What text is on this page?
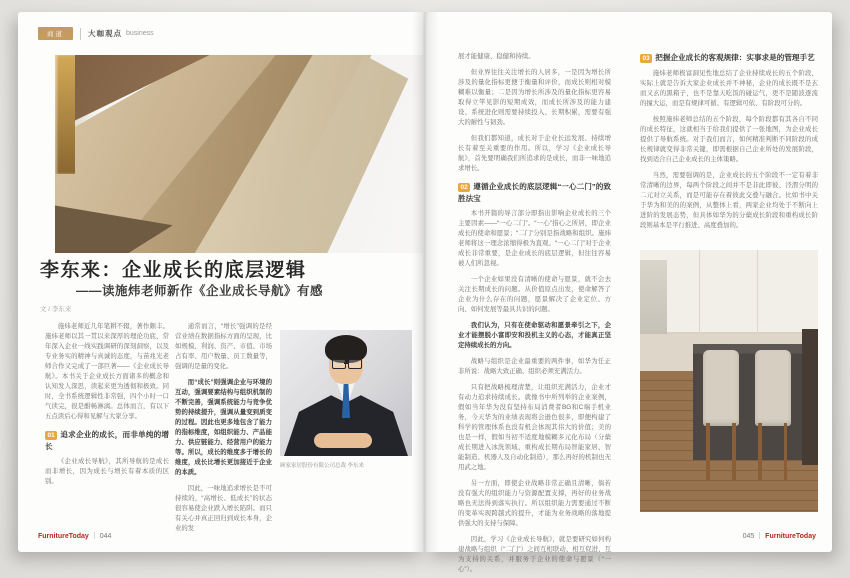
商道	大咖观点 business
李东来：企业成长的底层逻辑
——读施炜老师新作《企业成长导航》有感
文 / 李东来

施炜老师近几年笔耕不辍，著作颇丰。施炜老师以其一贯以来深厚的理论功底、常年深入企业一线实践调研的深刻洞察，以及专业务实的精神与真诚的态度，与苗兆光老师合作又完成了一部巨著——《企业成长导航》。本书关于企业成长方面诸多的概念和认知发人深思，读起来更为透彻和极致。同时，全书系统逻辑性非常强，四个小时一口气读完，很是酣畅淋漓。总体而言，有以下五点读后心得和见解与大家分享。

01 追求企业的成长，而非单纯的增长

《企业成长导航》，其所导航的是成长而非增长，因为成长与增长有着本质的区别。

通常而言，“增长”强调的是经营业绩在数据指标方面的呈现，比如规模、利润、资产、市值、市场占有率、用户数量、员工数量等，强调的是量的变化。

而“成长”则强调企业与环境的互动，强调要素结构与组织机制的不断完善，强调系统能力与竞争优势的持续提升，强调从量变到质变的过程。因此也更多地包含了能力的指标维度，如组织能力、产品能力、供应链能力、经营用户的能力等。所以，成长的维度多于增长的维度，成长比增长更加接近于企业的本质。

因此，一味地追求增长是不可持续的，“高增长、低成长”的状态很容易使企业跌入增长陷阱。而只有关心并真正回归到成长本身，企业的发

顾家家居股份有限公司总裁 李东来
FurnitureToday ｜ 044

展才能健康、稳健和持续。

但业界往往关注增长的人居多，一是因为增长所涉及的量化指标更便于衡量和评价，而成长则相对模糊难以衡量；二是因为增长所涉及的量化指标更容易取得立竿见影的短期成效，而成长所涉及的能力建设、系统进化则需要持续投入、长期积累，需要有强大的耐性与韧劲。

但我们都知道，成长对于企业长远发展、持续增长有着至关重要的作用。所以，学习《企业成长导航》，首先要明确我们所追求的是成长，而非一味地追求增长。

02 遵循企业成长的底层逻辑“一心二门”的致胜法宝

本书开篇的导言部分即指出影响企业成长的三个主要因素——“一心二门”。“一心”指心之所居，即企业成长的使命和愿景；“二门”分别是指战略和组织。施炜老师将这一理念浓缩得极为直观。“一心二门”对于企业成长非常重要，是企业成长的底层逻辑，但往往容易被人们所忽视。

一个企业如果没有清晰的使命与愿景，就不会去关注长期成长的问题。从价值原点出发，使命解答了企业为什么存在的问题，愿景解决了企业定位、方向、如何发展等最具共识的问题。

我们认为，只有在使命驱动和愿景牵引之下，企业才能摆脱小富即安和投机主义的心态，才能真正坚定持续成长的方向。

战略与组织是企业最重要的两件事，如华为任正非所说：战略大致正确、组织必须充满活力。

只有把战略梳理清楚，让组织充满活力，企业才有动力追求持续成长。就像书中所列举的企业案例，假如当年华为没有坚持布局消费者BG和C端手机业务，今天华为的业绩表现将会逊色很多，即便构建了科学的管理体系也没有机会体现其伟大的价值；美的也是一样，假如当初不适度地模糊多元化布局（分蘖成长期进入冰洗领域、重构成长期布局智能家居、智能制造、机器人及自动化制造），那么再好的机制也无用武之地。

另一方面，即使企业战略非常正确且清晰，倘若没有强大的组织能力与资源配置支撑，再好的业务战略也无法得到落实执行。所以组织能力需要通过不断的变革实现跨越式的提升，才能为业务战略的落地提供强大的支持与保障。

因此，学习《企业成长导航》，就是要研究如何构建战略与组织（“二门”）之间互相联动、相互促进、互为支持的关系，并服务于企业的使命与愿景（“一心”）。

03 把握企业成长的客观规律：实事求是的管理手艺

施炜老师极富洞见性地总结了企业持续成长的五个阶段，实际上就是告诉大家企业成长并不神秘，企业的成长既不是玄而又玄的黑箱子，也不是靠天吃饭的碰运气，更不是随波逐流的撞大运，而是有规律可循、有逻辑可依、有阶段可分的。

按照施炜老师总结的五个阶段，每个阶段都有其各自不同的成长特征，这就相当于给我们提供了一张地图，为企业成长提供了导航系统。对于我们而言，如何精准判断不同阶段的成长规律就变得非常关键，即需根据自己企业所处的发展阶段，找到适合自己企业成长的主体策略。

当然，需要强调的是，企业成长的五个阶段不一定有着非常清晰的边界，每两个阶段之间并不是非此即彼、泾渭分明的二元对立关系，而是可能存在着彼此交叠与融合。比如书中关于华为和美的的案例，从整体上看，两家企业均处于不断向上进阶的发展态势，但具体如华为的分蘖成长阶段和重构成长阶段则基本是平行推进、高度叠加的。

045 ｜ FurnitureToday
